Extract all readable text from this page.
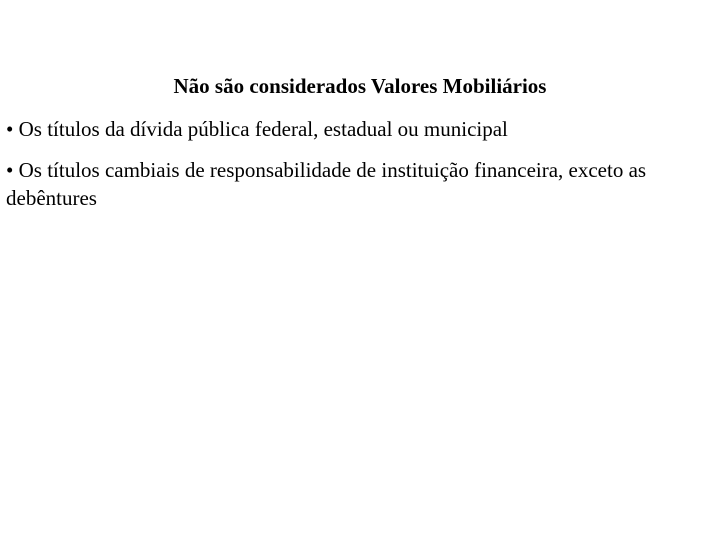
Não são considerados Valores Mobiliários
• Os títulos da dívida pública federal, estadual ou municipal
• Os títulos cambiais de responsabilidade de instituição financeira, exceto as debêntures
